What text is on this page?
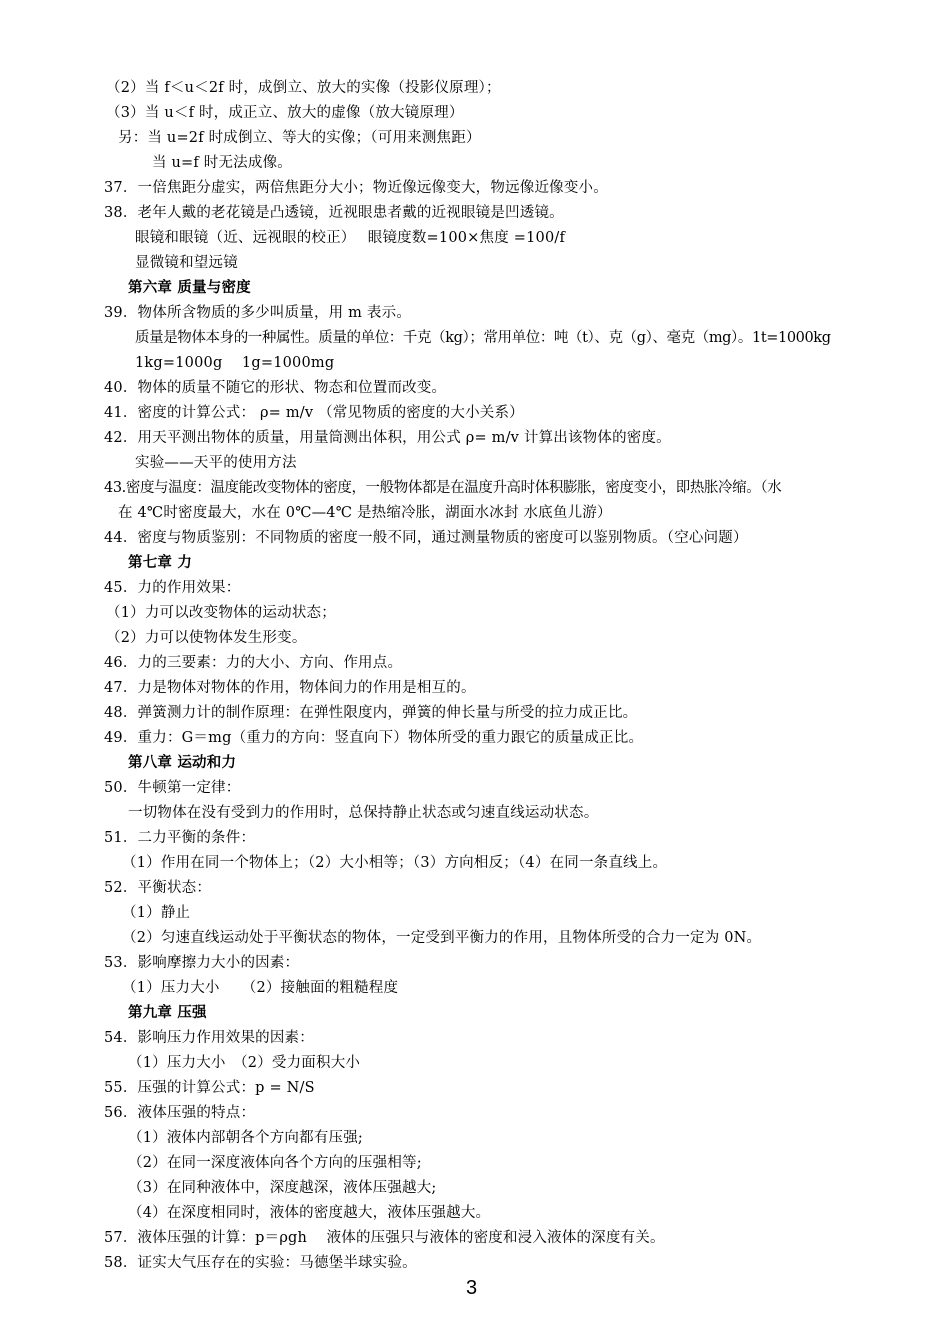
（2）当 f＜u＜2f 时，成倒立、放大的实像（投影仪原理）；
（3）当 u＜f 时，成正立、放大的虚像（放大镜原理）
另：当 u=2f 时成倒立、等大的实像；（可用来测焦距）
当 u=f 时无法成像。
37．一倍焦距分虚实，两倍焦距分大小；物近像远像变大，物远像近像变小。
38．老年人戴的老花镜是凸透镜，近视眼患者戴的近视眼镜是凹透镜。
眼镜和眼镜（近、远视眼的校正）　 眼镜度数=100×焦度 =100/f
显微镜和望远镜
第六章 质量与密度
39．物体所含物质的多少叫质量，用 m 表示。
质量是物体本身的一种属性。质量的单位：千克（kg）；常用单位：吨（t）、克（g）、毫克（mg）。1t=1000kg
1kg=1000g　 1g=1000mg
40．物体的质量不随它的形状、物态和位置而改变。
41．密度的计算公式： ρ= m/v （常见物质的密度的大小关系）
42．用天平测出物体的质量，用量筒测出体积，用公式 ρ= m/v 计算出该物体的密度。
实验——天平的使用方法
43.密度与温度：温度能改变物体的密度，一般物体都是在温度升高时体积膨胀，密度变小，即热胀冷缩。（水
在 4℃时密度最大，水在 0℃—4℃ 是热缩冷胀，湖面水冰封 水底鱼儿游）
44．密度与物质鉴别：不同物质的密度一般不同，通过测量物质的密度可以鉴别物质。（空心问题）
第七章 力
45．力的作用效果：
（1）力可以改变物体的运动状态；
（2）力可以使物体发生形变。
46．力的三要素：力的大小、方向、作用点。
47．力是物体对物体的作用，物体间力的作用是相互的。
48．弹簧测力计的制作原理：在弹性限度内，弹簧的伸长量与所受的拉力成正比。
49．重力：G＝mg（重力的方向：竖直向下）物体所受的重力跟它的质量成正比。
第八章 运动和力
50．牛顿第一定律：
一切物体在没有受到力的作用时，总保持静止状态或匀速直线运动状态。
51．二力平衡的条件：
（1）作用在同一个物体上；（2）大小相等；（3）方向相反；（4）在同一条直线上。
52．平衡状态：
（1）静止
（2）匀速直线运动处于平衡状态的物体，一定受到平衡力的作用，且物体所受的合力一定为 0N。
53．影响摩擦力大小的因素：
（1）压力大小　　（2）接触面的粗糙程度
第九章 压强
54．影响压力作用效果的因素：
（1）压力大小　（2）受力面积大小
55．压强的计算公式：p = N/S
56．液体压强的特点：
（1）液体内部朝各个方向都有压强;
（2）在同一深度液体向各个方向的压强相等;
（3）在同种液体中，深度越深，液体压强越大;
（4）在深度相同时，液体的密度越大，液体压强越大。
57．液体压强的计算：p＝ρgh　 液体的压强只与液体的密度和浸入液体的深度有关。
58．证实大气压存在的实验：马德堡半球实验。
3
